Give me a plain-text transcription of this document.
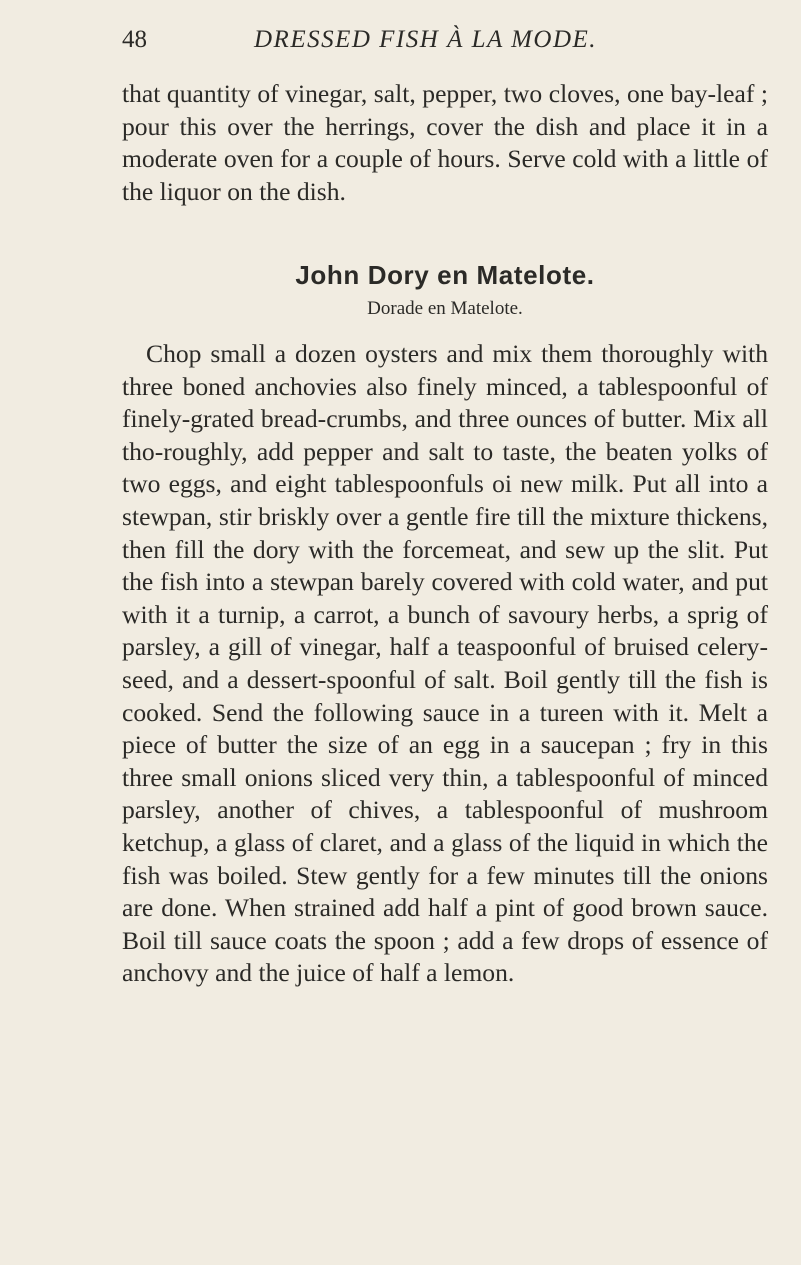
48	DRESSED FISH À LA MODE.

that quantity of vinegar, salt, pepper, two cloves, one bay-leaf ; pour this over the herrings, cover the dish and place it in a moderate oven for a couple of hours. Serve cold with a little of the liquor on the dish.

John Dory en Matelote.

Dorade en Matelote.

Chop small a dozen oysters and mix them thoroughly with three boned anchovies also finely minced, a tablespoonful of finely-grated bread-crumbs, and three ounces of butter. Mix all tho-roughly, add pepper and salt to taste, the beaten yolks of two eggs, and eight tablespoonfuls oi new milk. Put all into a stewpan, stir briskly over a gentle fire till the mixture thickens, then fill the dory with the forcemeat, and sew up the slit. Put the fish into a stewpan barely covered with cold water, and put with it a turnip, a carrot, a bunch of savoury herbs, a sprig of parsley, a gill of vinegar, half a teaspoonful of bruised celery-seed, and a dessert-spoonful of salt. Boil gently till the fish is cooked. Send the following sauce in a tureen with it. Melt a piece of butter the size of an egg in a saucepan ; fry in this three small onions sliced very thin, a tablespoonful of minced parsley, another of chives, a tablespoonful of mushroom ketchup, a glass of claret, and a glass of the liquid in which the fish was boiled. Stew gently for a few minutes till the onions are done. When strained add half a pint of good brown sauce. Boil till sauce coats the spoon ; add a few drops of essence of anchovy and the juice of half a lemon.
